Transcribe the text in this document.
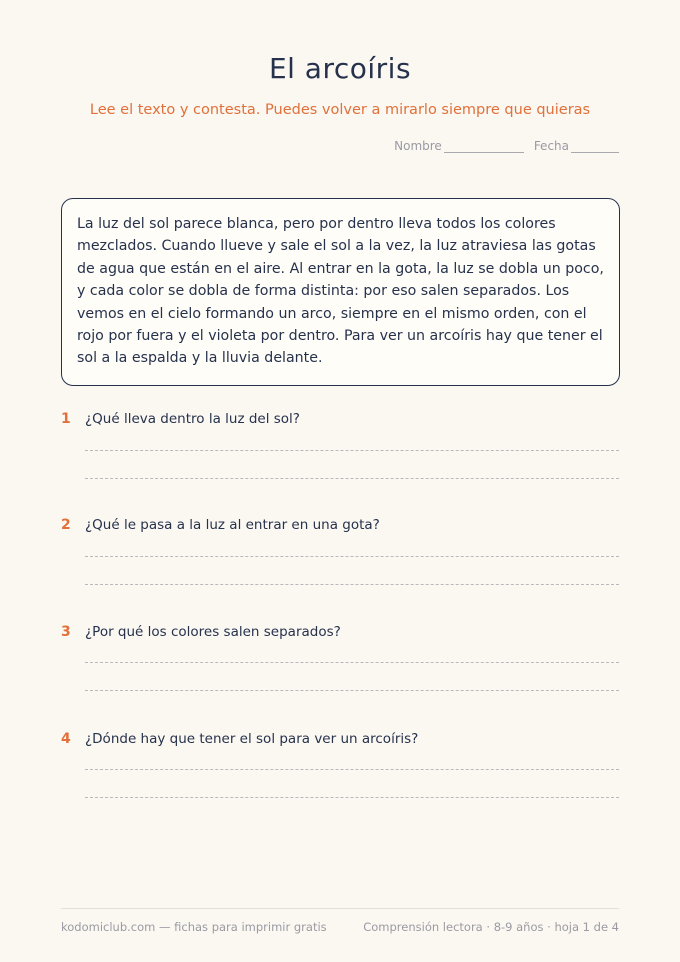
El arcoíris

Lee el texto y contesta. Puedes volver a mirarlo siempre que quieras

Nombre	Fecha

La luz del sol parece blanca, pero por dentro lleva todos los colores mezclados. Cuando llueve y sale el sol a la vez, la luz atraviesa las gotas de agua que están en el aire. Al entrar en la gota, la luz se dobla un poco, y cada color se dobla de forma distinta: por eso salen separados. Los vemos en el cielo formando un arco, siempre en el mismo orden, con el rojo por fuera y el violeta por dentro. Para ver un arcoíris hay que tener el sol a la espalda y la lluvia delante.

1	¿Qué lleva dentro la luz del sol?
2	¿Qué le pasa a la luz al entrar en una gota?
3	¿Por qué los colores salen separados?
4	¿Dónde hay que tener el sol para ver un arcoíris?
kodomiclub.com — fichas para imprimir gratis	Comprensión lectora · 8-9 años · hoja 1 de 4
